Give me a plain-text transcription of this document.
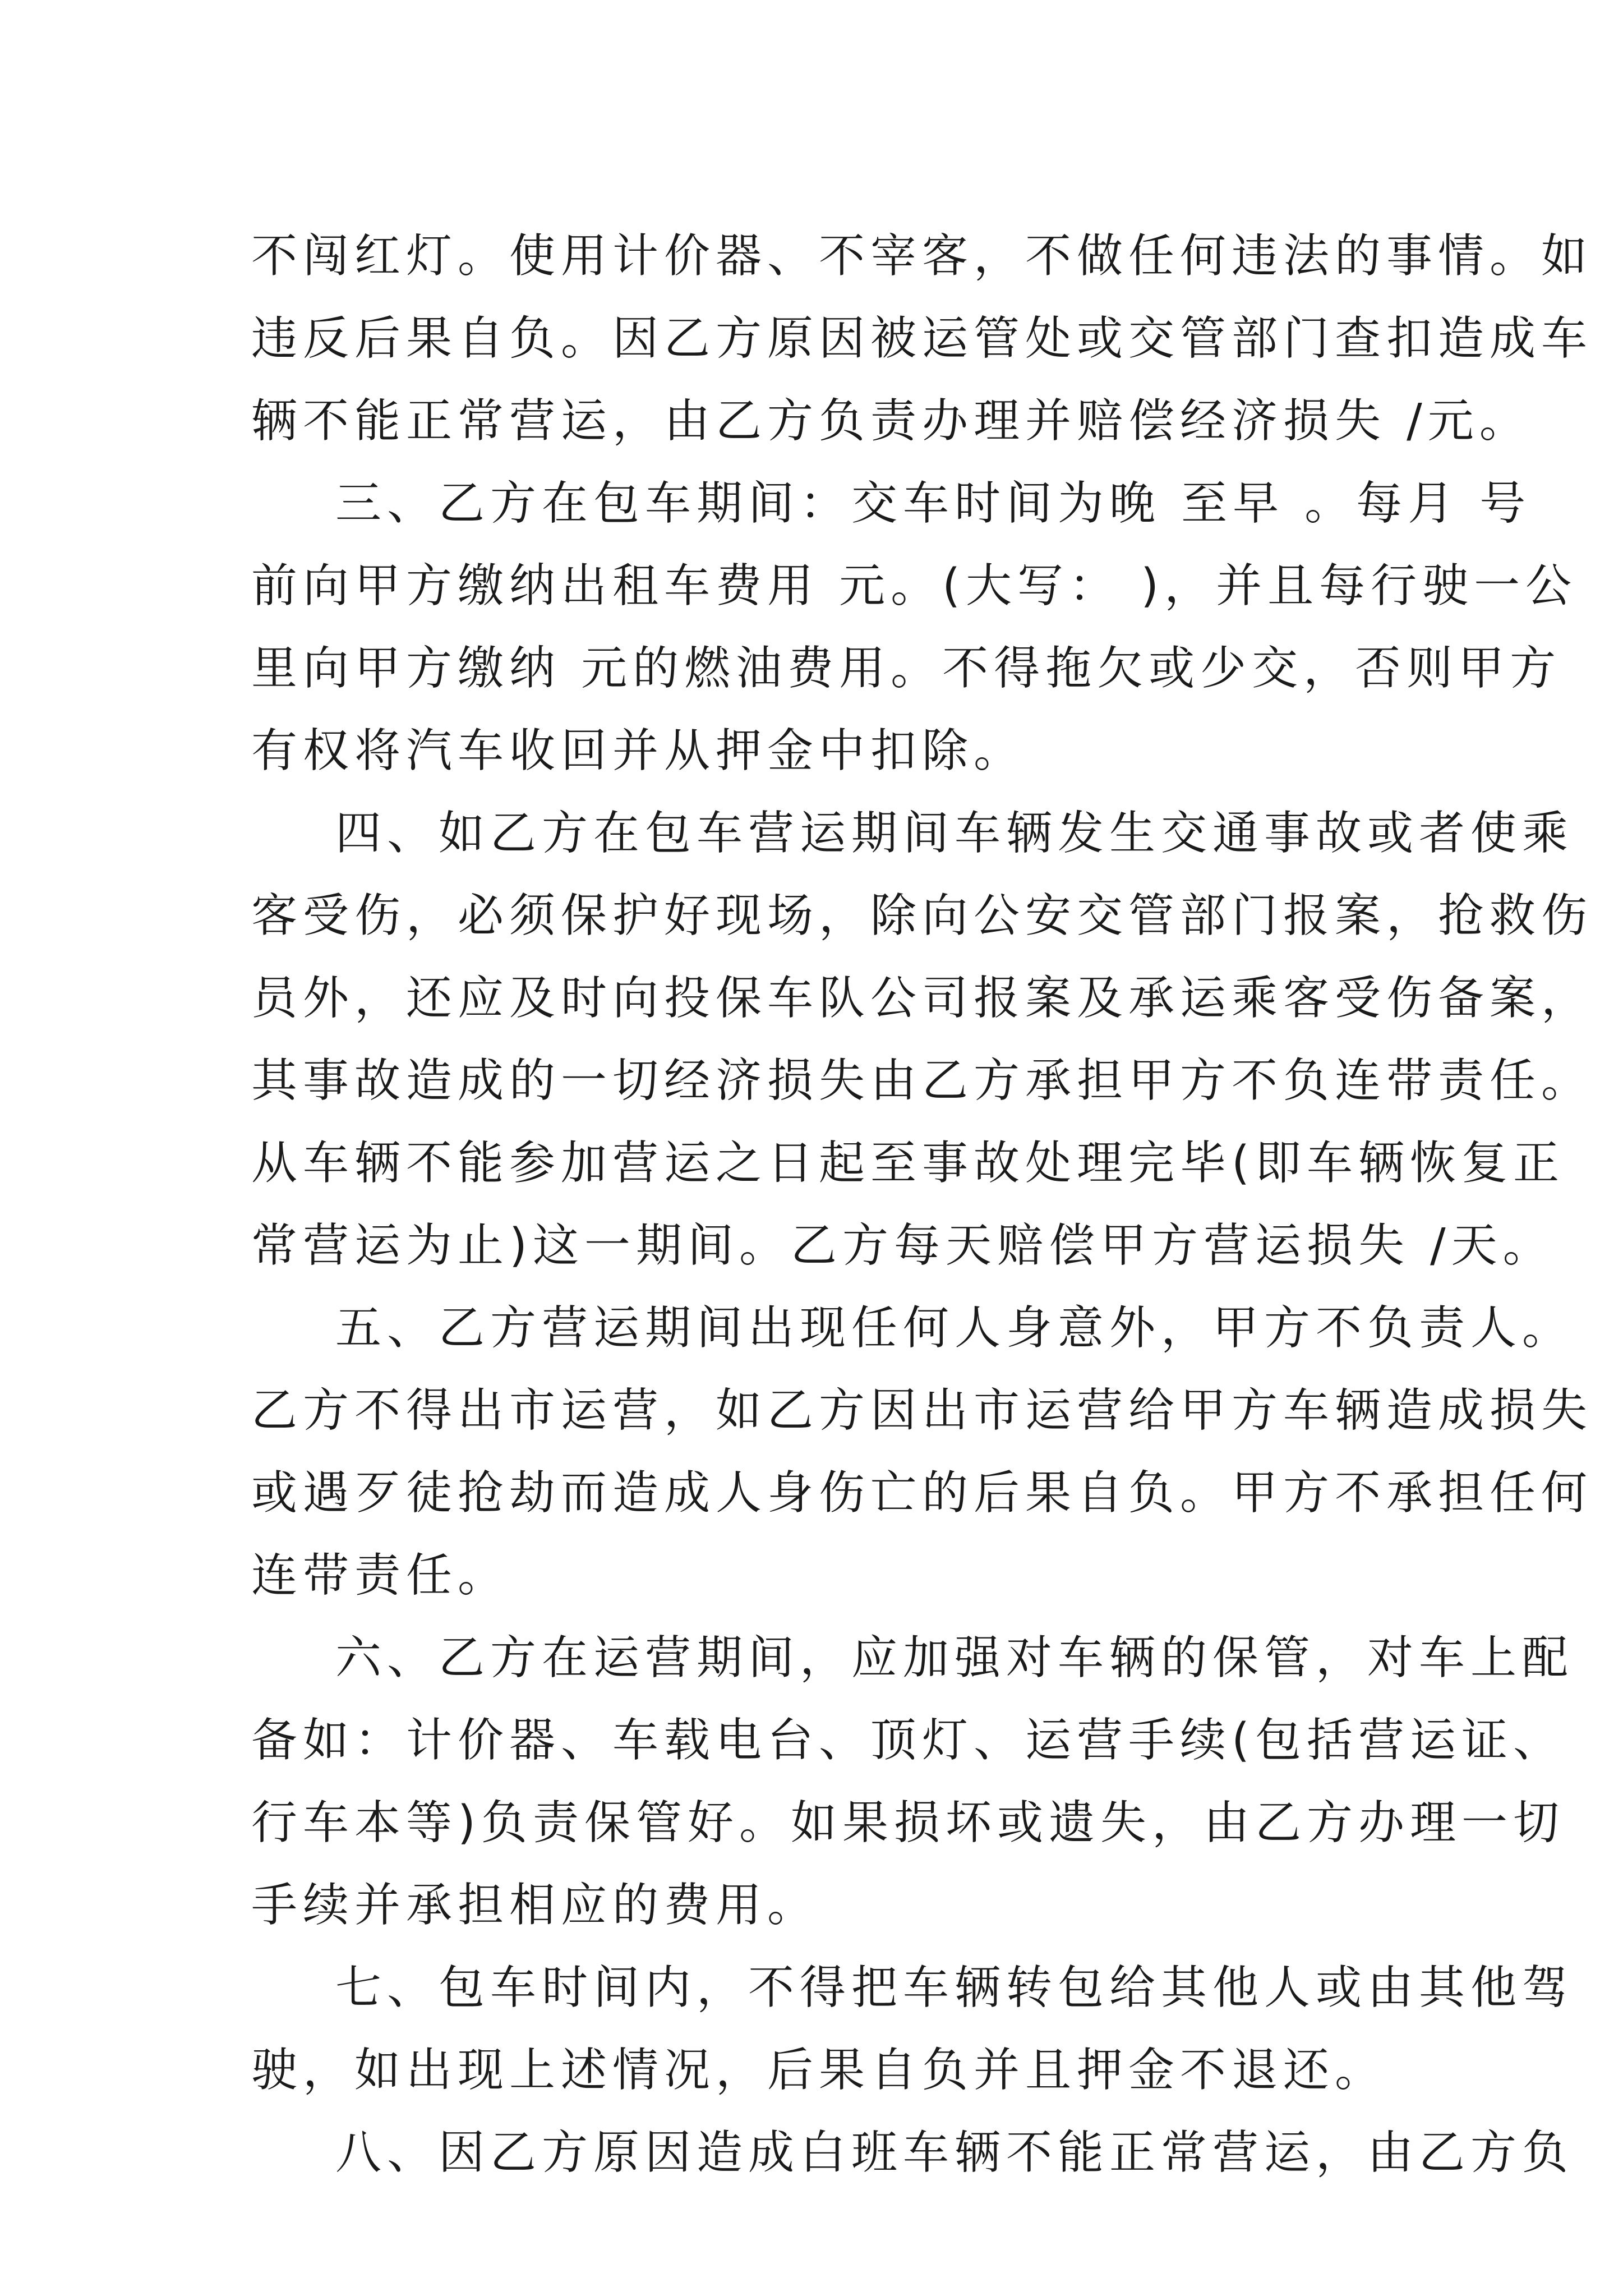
不闯红灯。使用计价器、不宰客，不做任何违法的事情。如
违反后果自负。因乙方原因被运管处或交管部门查扣造成车
辆不能正常营运，由乙方负责办理并赔偿经济损失 /元。
三、乙方在包车期间：交车时间为晚 至早 。每月 号
前向甲方缴纳出租车费用 元。(大写： )，并且每行驶一公
里向甲方缴纳 元的燃油费用。不得拖欠或少交，否则甲方
有权将汽车收回并从押金中扣除。
四、如乙方在包车营运期间车辆发生交通事故或者使乘
客受伤，必须保护好现场，除向公安交管部门报案，抢救伤
员外，还应及时向投保车队公司报案及承运乘客受伤备案，
其事故造成的一切经济损失由乙方承担甲方不负连带责任。
从车辆不能参加营运之日起至事故处理完毕(即车辆恢复正
常营运为止)这一期间。乙方每天赔偿甲方营运损失 /天。
五、乙方营运期间出现任何人身意外，甲方不负责人。
乙方不得出市运营，如乙方因出市运营给甲方车辆造成损失
或遇歹徒抢劫而造成人身伤亡的后果自负。甲方不承担任何
连带责任。
六、乙方在运营期间，应加强对车辆的保管，对车上配
备如：计价器、车载电台、顶灯、运营手续(包括营运证、
行车本等)负责保管好。如果损坏或遗失，由乙方办理一切
手续并承担相应的费用。
七、包车时间内，不得把车辆转包给其他人或由其他驾
驶，如出现上述情况，后果自负并且押金不退还。
八、因乙方原因造成白班车辆不能正常营运，由乙方负
